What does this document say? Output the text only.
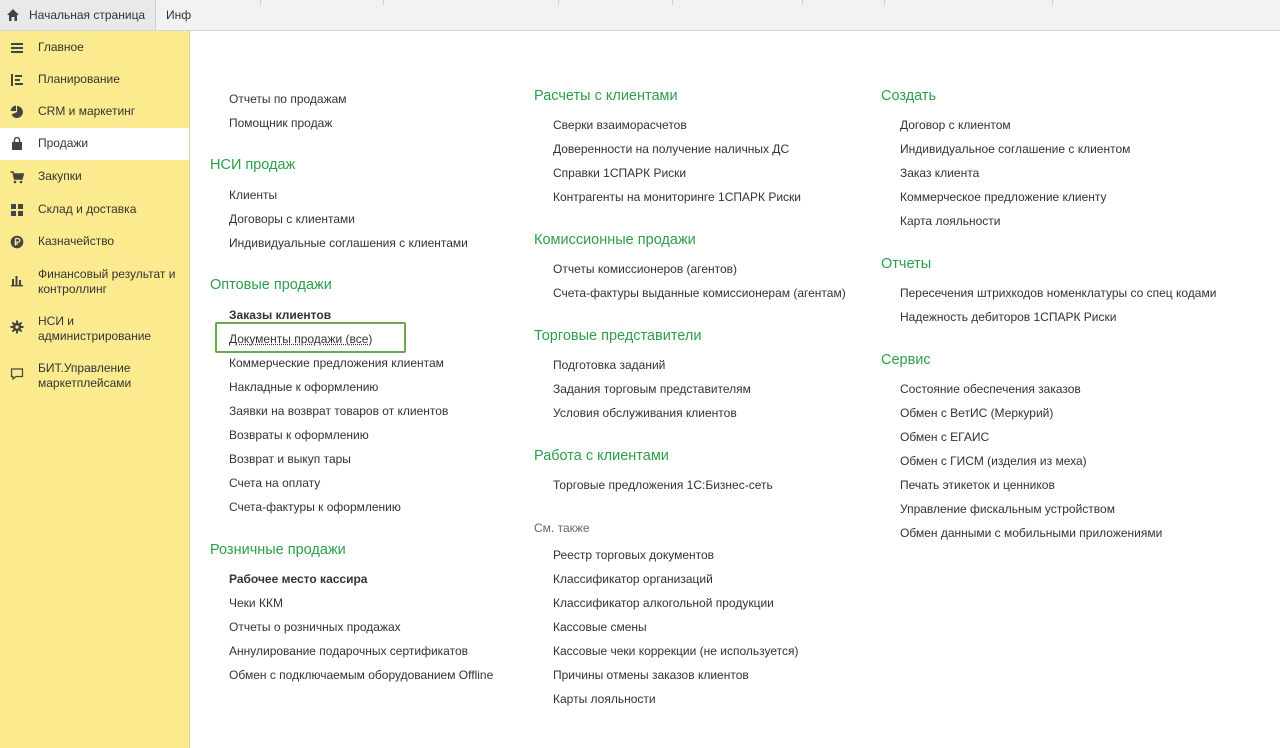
Начальная страница Инф
Главное
Планирование
CRM и маркетинг
Продажи
Закупки
Склад и доставка
Казначейство
Финансовый результат и
контроллинг
НСИ и
администрирование
БИТ.Управление
маркетплейсами
Отчеты по продажам
Помощник продаж
НСИ продаж
Клиенты
Договоры с клиентами
Индивидуальные соглашения с клиентами
Оптовые продажи
Заказы клиентов
Документы продажи (все)
Коммерческие предложения клиентам
Накладные к оформлению
Заявки на возврат товаров от клиентов
Возвраты к оформлению
Возврат и выкуп тары
Счета на оплату
Счета-фактуры к оформлению
Розничные продажи
Рабочее место кассира
Чеки ККМ
Отчеты о розничных продажах
Аннулирование подарочных сертификатов
Обмен с подключаемым оборудованием Offline
Расчеты с клиентами
Сверки взаиморасчетов
Доверенности на получение наличных ДС
Справки 1СПАРК Риски
Контрагенты на мониторинге 1СПАРК Риски
Комиссионные продажи
Отчеты комиссионеров (агентов)
Счета-фактуры выданные комиссионерам (агентам)
Торговые представители
Подготовка заданий
Задания торговым представителям
Условия обслуживания клиентов
Работа с клиентами
Торговые предложения 1С:Бизнес-сеть
См. также
Реестр торговых документов
Классификатор организаций
Классификатор алкогольной продукции
Кассовые смены
Кассовые чеки коррекции (не используется)
Причины отмены заказов клиентов
Карты лояльности
Создать
Договор с клиентом
Индивидуальное соглашение с клиентом
Заказ клиента
Коммерческое предложение клиенту
Карта лояльности
Отчеты
Пересечения штрихкодов номенклатуры со спец кодами
Надежность дебиторов 1СПАРК Риски
Сервис
Состояние обеспечения заказов
Обмен с ВетИС (Меркурий)
Обмен с ЕГАИС
Обмен с ГИСМ (изделия из меха)
Печать этикеток и ценников
Управление фискальным устройством
Обмен данными с мобильными приложениями
